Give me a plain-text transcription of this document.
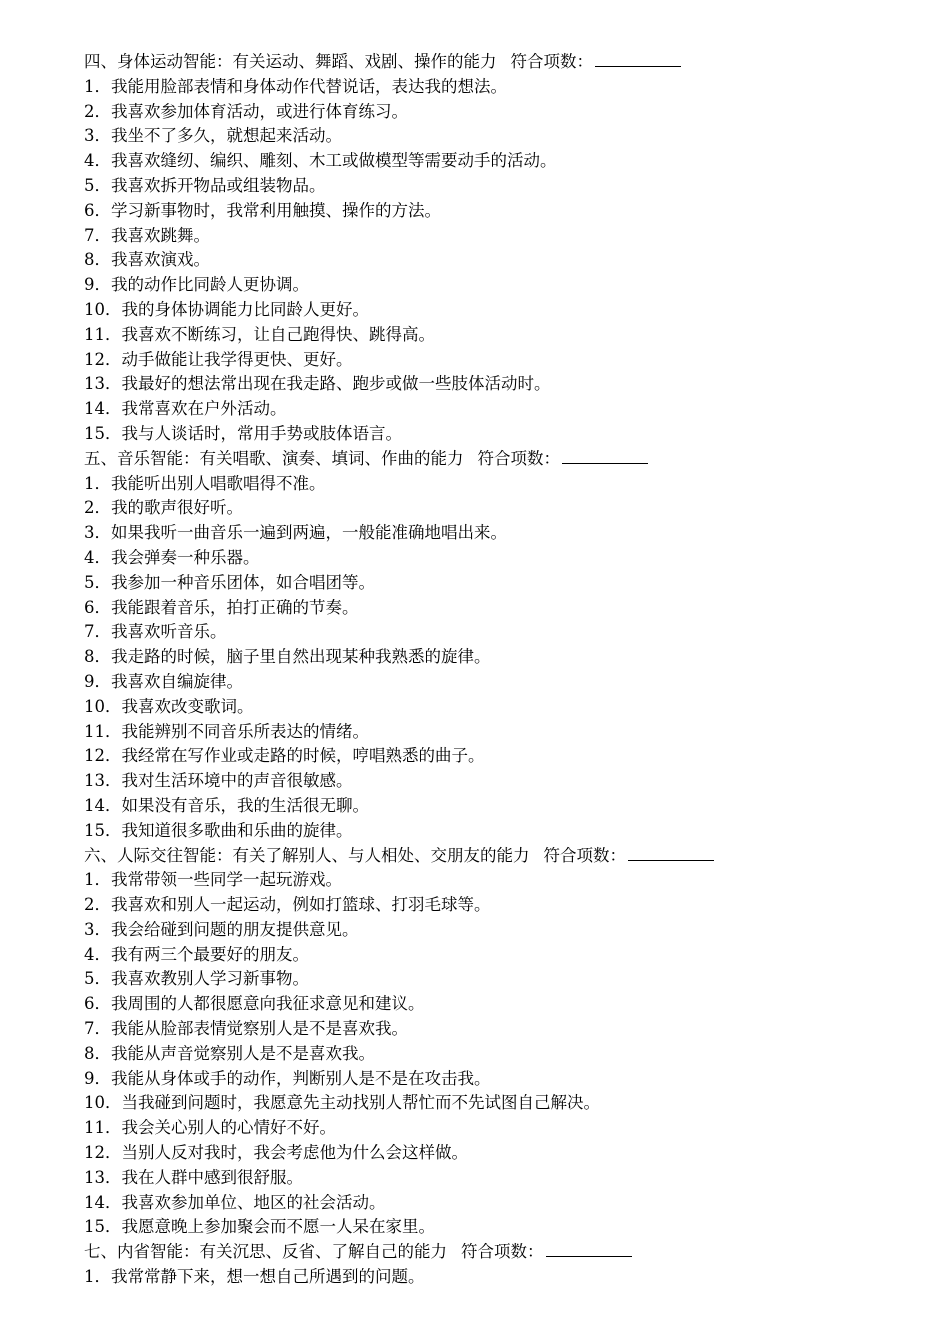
四、身体运动智能：有关运动、舞蹈、戏剧、操作的能力 符合项数：
1．我能用脸部表情和身体动作代替说话，表达我的想法。
2．我喜欢参加体育活动，或进行体育练习。
3．我坐不了多久，就想起来活动。
4．我喜欢缝纫、编织、雕刻、木工或做模型等需要动手的活动。
5．我喜欢拆开物品或组装物品。
6．学习新事物时，我常利用触摸、操作的方法。
7．我喜欢跳舞。
8．我喜欢演戏。
9．我的动作比同龄人更协调。
10．我的身体协调能力比同龄人更好。
11．我喜欢不断练习，让自己跑得快、跳得高。
12．动手做能让我学得更快、更好。
13．我最好的想法常出现在我走路、跑步或做一些肢体活动时。
14．我常喜欢在户外活动。
15．我与人谈话时，常用手势或肢体语言。
五、音乐智能：有关唱歌、演奏、填词、作曲的能力 符合项数：
1．我能听出别人唱歌唱得不准。
2．我的歌声很好听。
3．如果我听一曲音乐一遍到两遍，一般能准确地唱出来。
4．我会弹奏一种乐器。
5．我参加一种音乐团体，如合唱团等。
6．我能跟着音乐，拍打正确的节奏。
7．我喜欢听音乐。
8．我走路的时候，脑子里自然出现某种我熟悉的旋律。
9．我喜欢自编旋律。
10．我喜欢改变歌词。
11．我能辨别不同音乐所表达的情绪。
12．我经常在写作业或走路的时候，哼唱熟悉的曲子。
13．我对生活环境中的声音很敏感。
14．如果没有音乐，我的生活很无聊。
15．我知道很多歌曲和乐曲的旋律。
六、人际交往智能：有关了解别人、与人相处、交朋友的能力 符合项数：
1．我常带领一些同学一起玩游戏。
2．我喜欢和别人一起运动，例如打篮球、打羽毛球等。
3．我会给碰到问题的朋友提供意见。
4．我有两三个最要好的朋友。
5．我喜欢教别人学习新事物。
6．我周围的人都很愿意向我征求意见和建议。
7．我能从脸部表情觉察别人是不是喜欢我。
8．我能从声音觉察别人是不是喜欢我。
9．我能从身体或手的动作，判断别人是不是在攻击我。
10．当我碰到问题时，我愿意先主动找别人帮忙而不先试图自己解决。
11．我会关心别人的心情好不好。
12．当别人反对我时，我会考虑他为什么会这样做。
13．我在人群中感到很舒服。
14．我喜欢参加单位、地区的社会活动。
15．我愿意晚上参加聚会而不愿一人呆在家里。
七、内省智能：有关沉思、反省、了解自己的能力 符合项数：
1．我常常静下来，想一想自己所遇到的问题。
